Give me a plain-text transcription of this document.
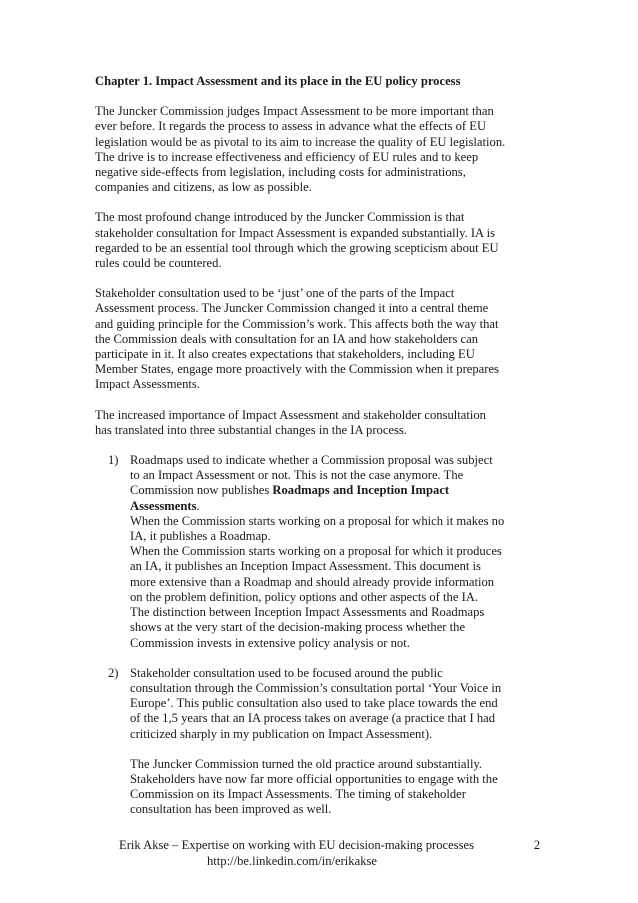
Chapter 1. Impact Assessment and its place in the EU policy process
The Juncker Commission judges Impact Assessment to be more important than
ever before. It regards the process to assess in advance what the effects of EU
legislation would be as pivotal to its aim to increase the quality of EU legislation.
The drive is to increase effectiveness and efficiency of EU rules and to keep
negative side-effects from legislation, including costs for administrations,
companies and citizens, as low as possible.
The most profound change introduced by the Juncker Commission is that
stakeholder consultation for Impact Assessment is expanded substantially. IA is
regarded to be an essential tool through which the growing scepticism about EU
rules could be countered.
Stakeholder consultation used to be ‘just’ one of the parts of the Impact
Assessment process. The Juncker Commission changed it into a central theme
and guiding principle for the Commission’s work. This affects both the way that
the Commission deals with consultation for an IA and how stakeholders can
participate in it. It also creates expectations that stakeholders, including EU
Member States, engage more proactively with the Commission when it prepares
Impact Assessments.
The increased importance of Impact Assessment and stakeholder consultation
has translated into three substantial changes in the IA process.
1) Roadmaps used to indicate whether a Commission proposal was subject
to an Impact Assessment or not. This is not the case anymore. The
Commission now publishes Roadmaps and Inception Impact
Assessments.
When the Commission starts working on a proposal for which it makes no
IA, it publishes a Roadmap.
When the Commission starts working on a proposal for which it produces
an IA, it publishes an Inception Impact Assessment. This document is
more extensive than a Roadmap and should already provide information
on the problem definition, policy options and other aspects of the IA.
The distinction between Inception Impact Assessments and Roadmaps
shows at the very start of the decision-making process whether the
Commission invests in extensive policy analysis or not.
2) Stakeholder consultation used to be focused around the public
consultation through the Commission’s consultation portal ‘Your Voice in
Europe’. This public consultation also used to take place towards the end
of the 1,5 years that an IA process takes on average (a practice that I had
criticized sharply in my publication on Impact Assessment).
The Juncker Commission turned the old practice around substantially.
Stakeholders have now far more official opportunities to engage with the
Commission on its Impact Assessments. The timing of stakeholder
consultation has been improved as well.
Erik Akse – Expertise on working with EU decision-making processes
http://be.linkedin.com/in/erikakse
2
